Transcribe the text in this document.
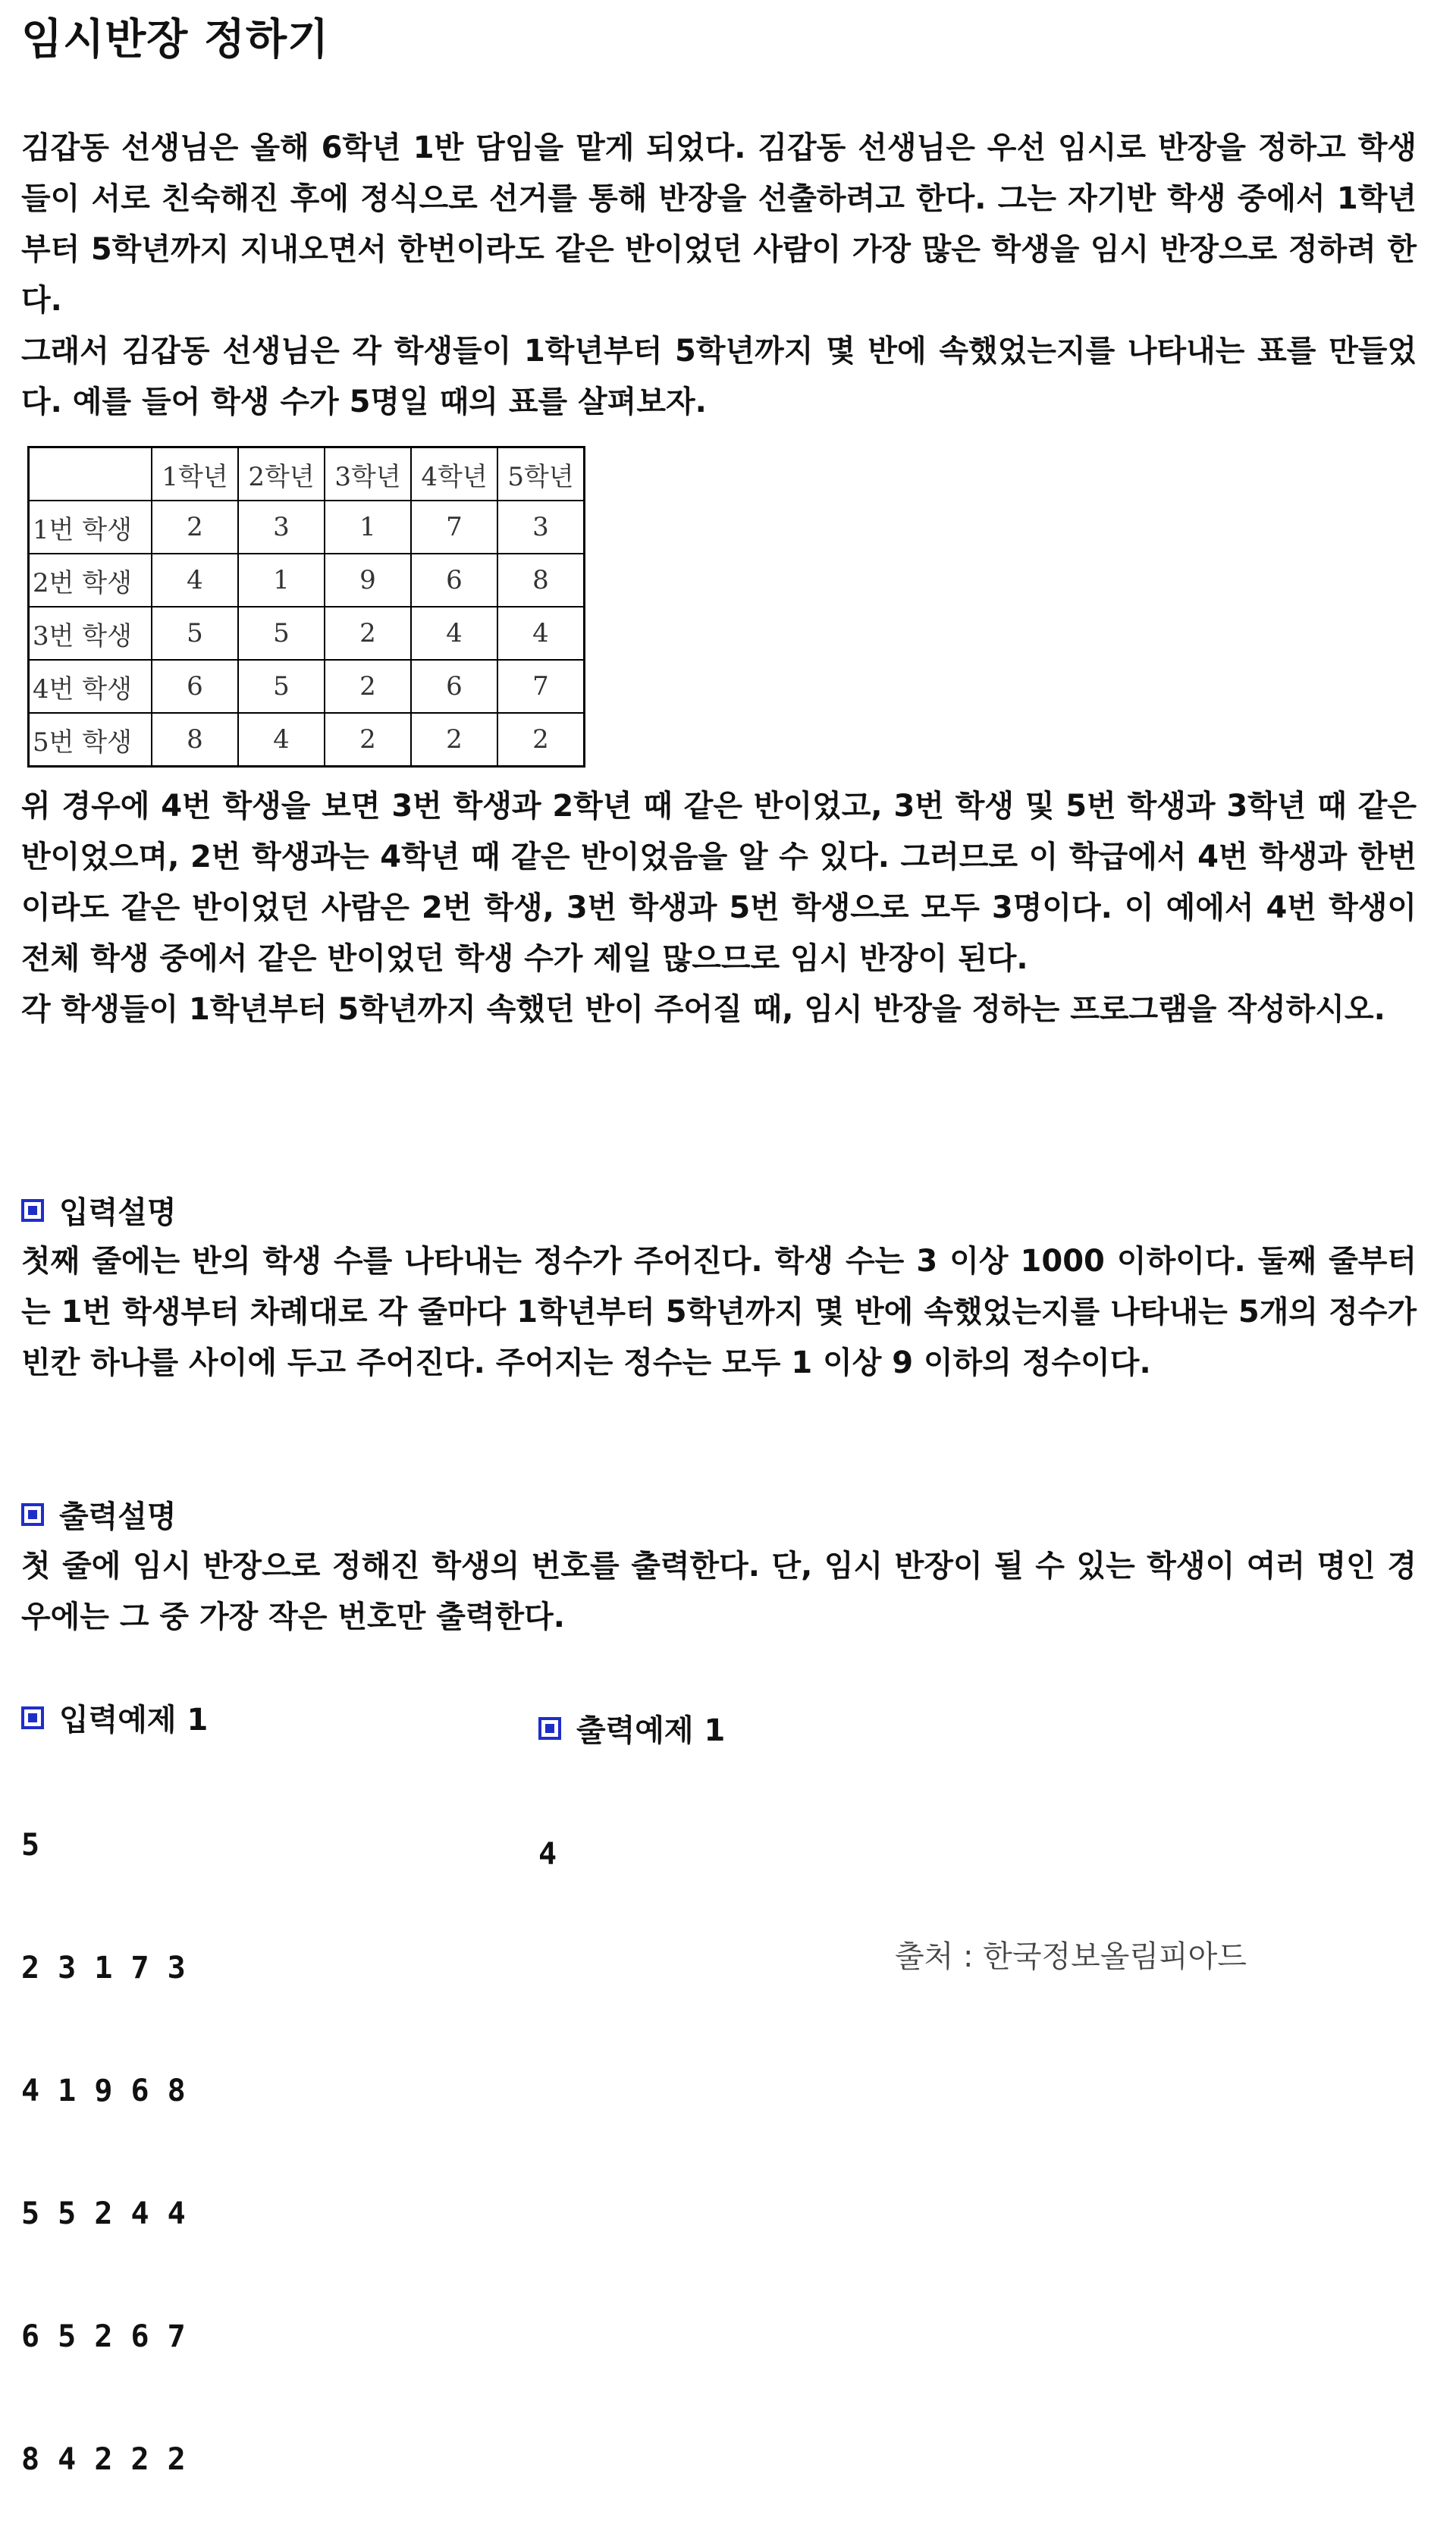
임시반장 정하기

김갑동 선생님은 올해 6학년 1반 담임을 맡게 되었다. 김갑동 선생님은 우선 임시로 반장을 정하고 학생들이 서로 친숙해진 후에 정식으로 선거를 통해 반장을 선출하려고 한다. 그는 자기반 학생 중에서 1학년부터 5학년까지 지내오면서 한번이라도 같은 반이었던 사람이 가장 많은 학생을 임시 반장으로 정하려 한다.

그래서 김갑동 선생님은 각 학생들이 1학년부터 5학년까지 몇 반에 속했었는지를 나타내는 표를 만들었다. 예를 들어 학생 수가 5명일 때의 표를 살펴보자.

	1학년	2학년	3학년	4학년	5학년
1번 학생	2	3	1	7	3
2번 학생	4	1	9	6	8
3번 학생	5	5	2	4	4
4번 학생	6	5	2	6	7
5번 학생	8	4	2	2	2

위 경우에 4번 학생을 보면 3번 학생과 2학년 때 같은 반이었고, 3번 학생 및 5번 학생과 3학년 때 같은 반이었으며, 2번 학생과는 4학년 때 같은 반이었음을 알 수 있다. 그러므로 이 학급에서 4번 학생과 한번이라도 같은 반이었던 사람은 2번 학생, 3번 학생과 5번 학생으로 모두 3명이다. 이 예에서 4번 학생이 전체 학생 중에서 같은 반이었던 학생 수가 제일 많으므로 임시 반장이 된다.

각 학생들이 1학년부터 5학년까지 속했던 반이 주어질 때, 임시 반장을 정하는 프로그램을 작성하시오.

입력설명

첫째 줄에는 반의 학생 수를 나타내는 정수가 주어진다. 학생 수는 3 이상 1000 이하이다. 둘째 줄부터는 1번 학생부터 차례대로 각 줄마다 1학년부터 5학년까지 몇 반에 속했었는지를 나타내는 5개의 정수가 빈칸 하나를 사이에 두고 주어진다. 주어지는 정수는 모두 1 이상 9 이하의 정수이다.

출력설명

첫 줄에 임시 반장으로 정해진 학생의 번호를 출력한다. 단, 임시 반장이 될 수 있는 학생이 여러 명인 경우에는 그 중 가장 작은 번호만 출력한다.

입력예제 1

5

2 3 1 7 3

4 1 9 6 8

5 5 2 4 4

6 5 2 6 7

8 4 2 2 2

출력예제 1

4

출처 : 한국정보올림피아드
